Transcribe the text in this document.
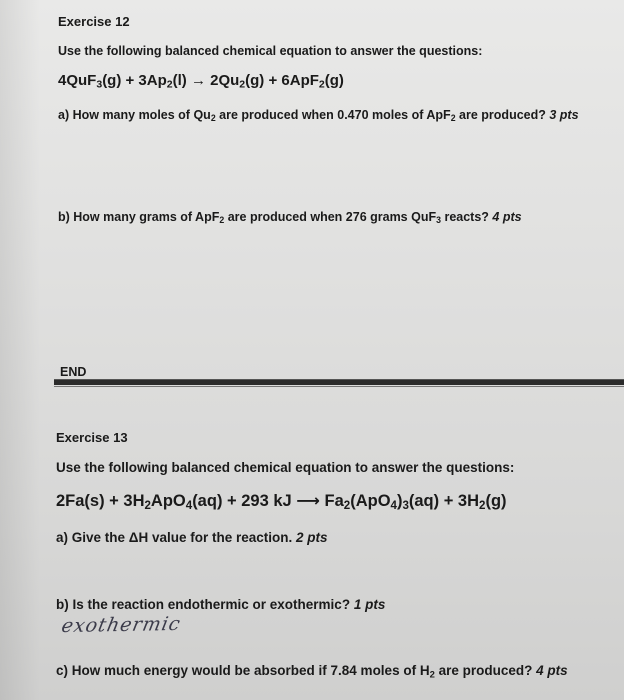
Exercise 12
Use the following balanced chemical equation to answer the questions:
$4QuF_3(g) + 3Ap_2(l) \to 2Qu_2(g) + 6ApF_2(g)$
a) How many moles of $Qu_2$ are produced when 0.470 moles of ApF$_2$ are produced? 3 pts
b) How many grams of ApF$_2$ are produced when 276 grams QuF$_3$ reacts? 4 pts
END
Exercise 13
Use the following balanced chemical equation to answer the questions:
$2Fa(s) + 3H_2ApO_4(aq) + 293$ kJ ⟶ $Fa_2(ApO_4)_3(aq) + 3H_2(g)$
a) Give the ΔH value for the reaction. 2 pts
b) Is the reaction endothermic or exothermic? 1 pts
exothermic
c) How much energy would be absorbed if 7.84 moles of $H_2$ are produced? 4 pts
